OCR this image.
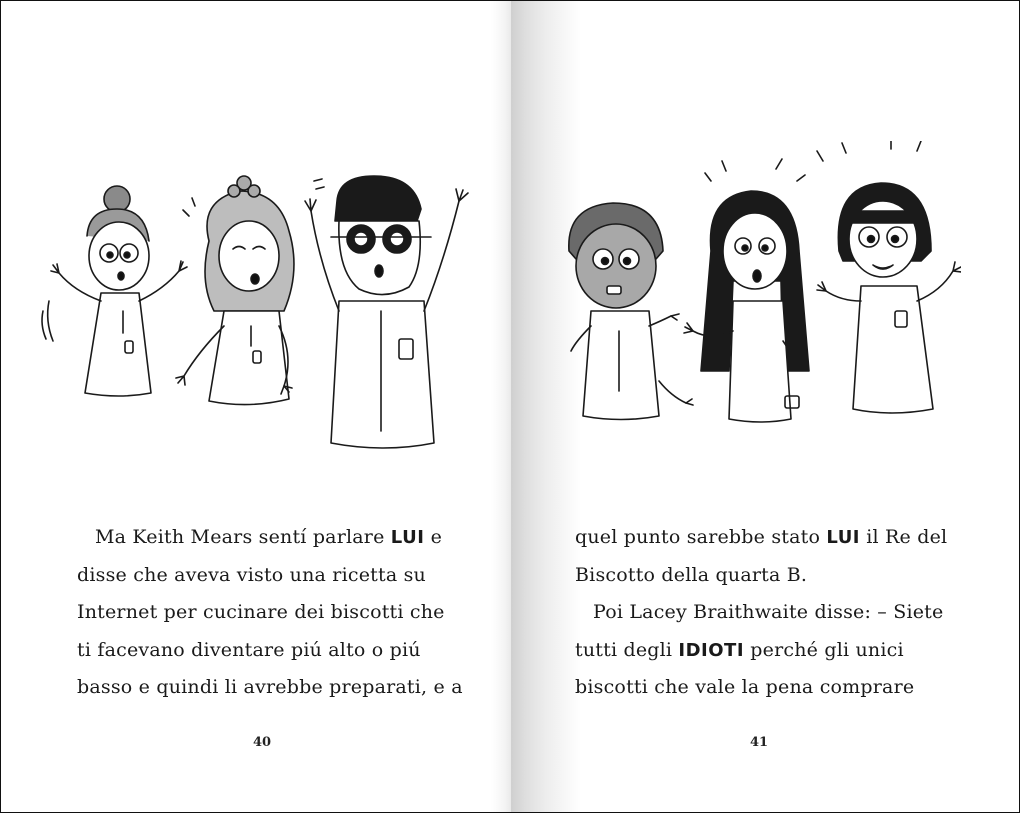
Ma Keith Mears sentí parlare LUI e
disse che aveva visto una ricetta su
Internet per cucinare dei biscotti che
ti facevano diventare piú alto o piú
basso e quindi li avrebbe preparati, e a
40
quel punto sarebbe stato LUI il Re del
Biscotto della quarta B.
Poi Lacey Braithwaite disse: – Siete
tutti degli IDIOTI perché gli unici
biscotti che vale la pena comprare
41
